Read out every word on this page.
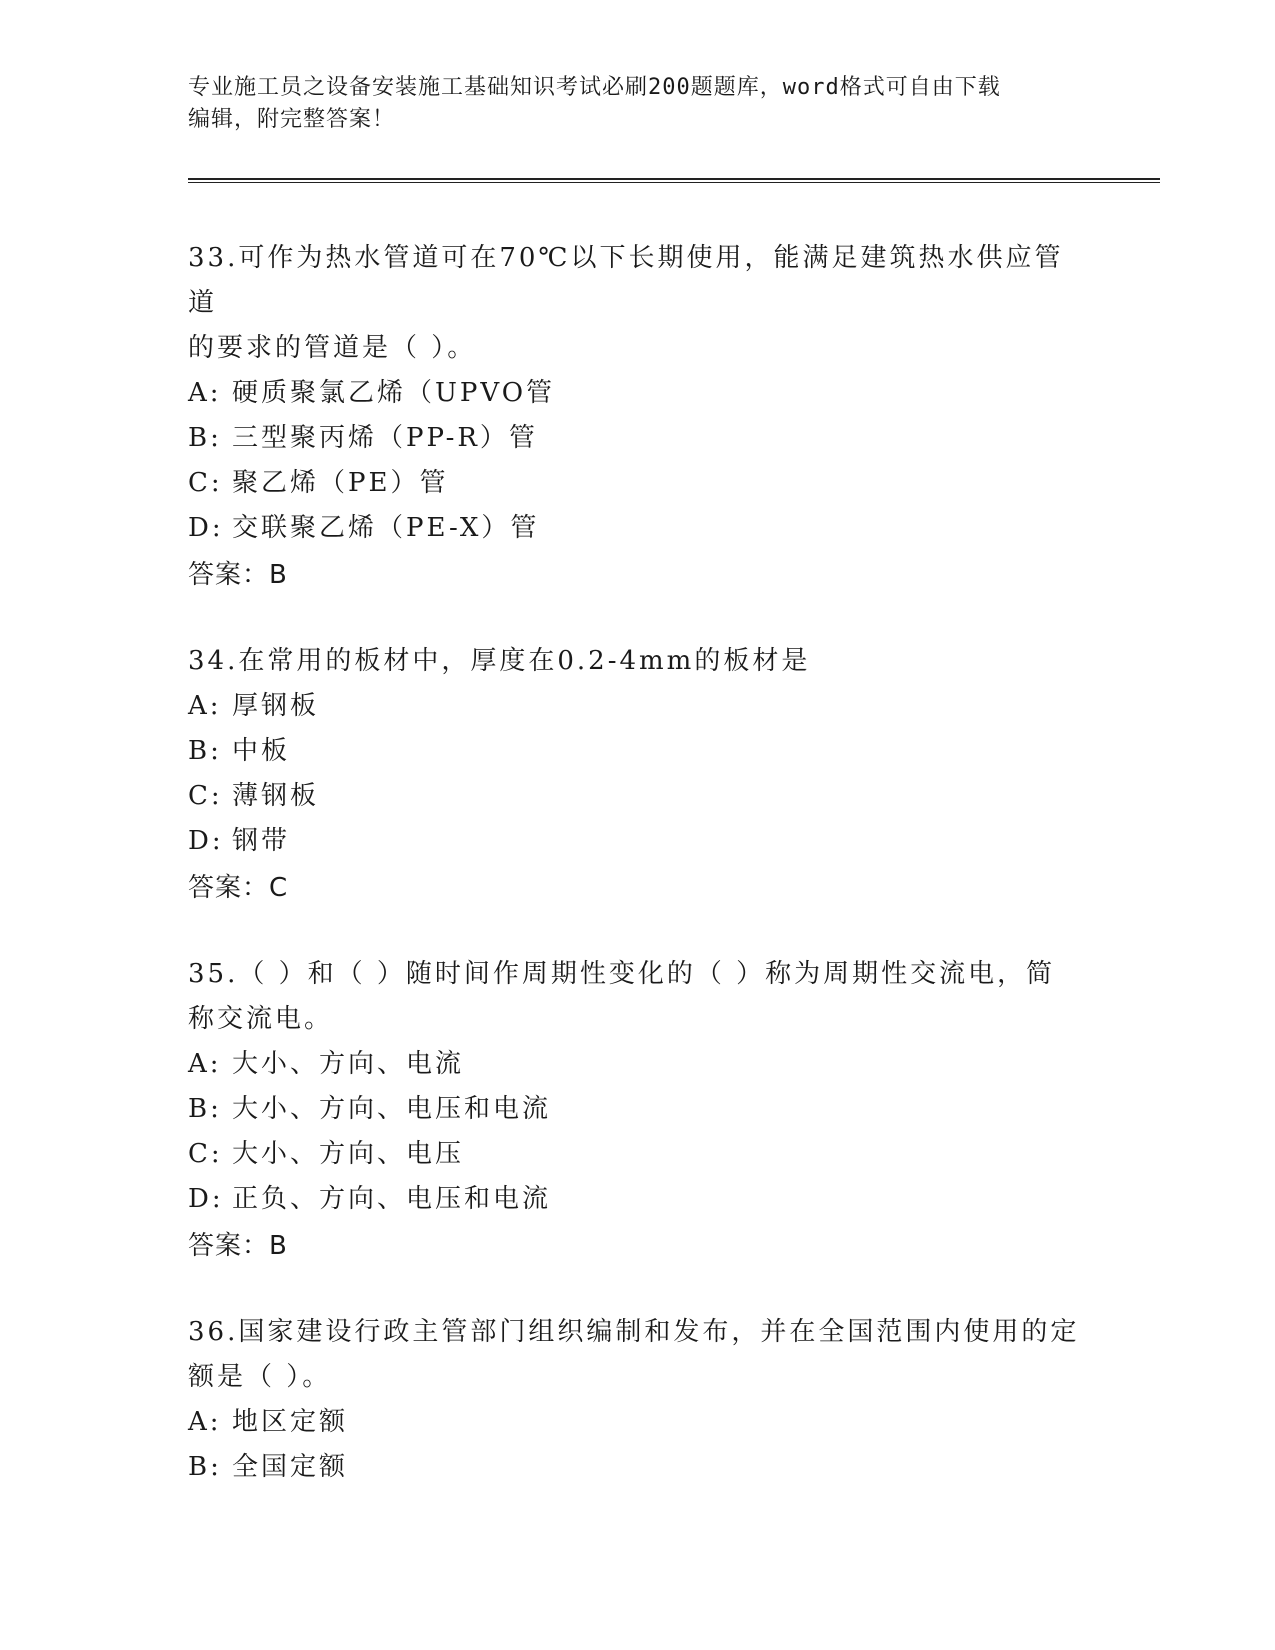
专业施工员之设备安装施工基础知识考试必刷200题题库，word格式可自由下载
编辑，附完整答案！
33.可作为热水管道可在70℃以下长期使用，能满足建筑热水供应管道
的要求的管道是（ ）。
A: 硬质聚氯乙烯（UPVO管
B: 三型聚丙烯（PP-R）管
C: 聚乙烯（PE）管
D: 交联聚乙烯（PE-X）管
答案：B
34.在常用的板材中，厚度在0.2-4mm的板材是
A: 厚钢板
B: 中板
C: 薄钢板
D: 钢带
答案：C
35.（ ）和（ ）随时间作周期性变化的（ ）称为周期性交流电，简
称交流电。
A: 大小、方向、电流
B: 大小、方向、电压和电流
C: 大小、方向、电压
D: 正负、方向、电压和电流
答案：B
36.国家建设行政主管部门组织编制和发布，并在全国范围内使用的定
额是（ ）。
A: 地区定额
B: 全国定额
